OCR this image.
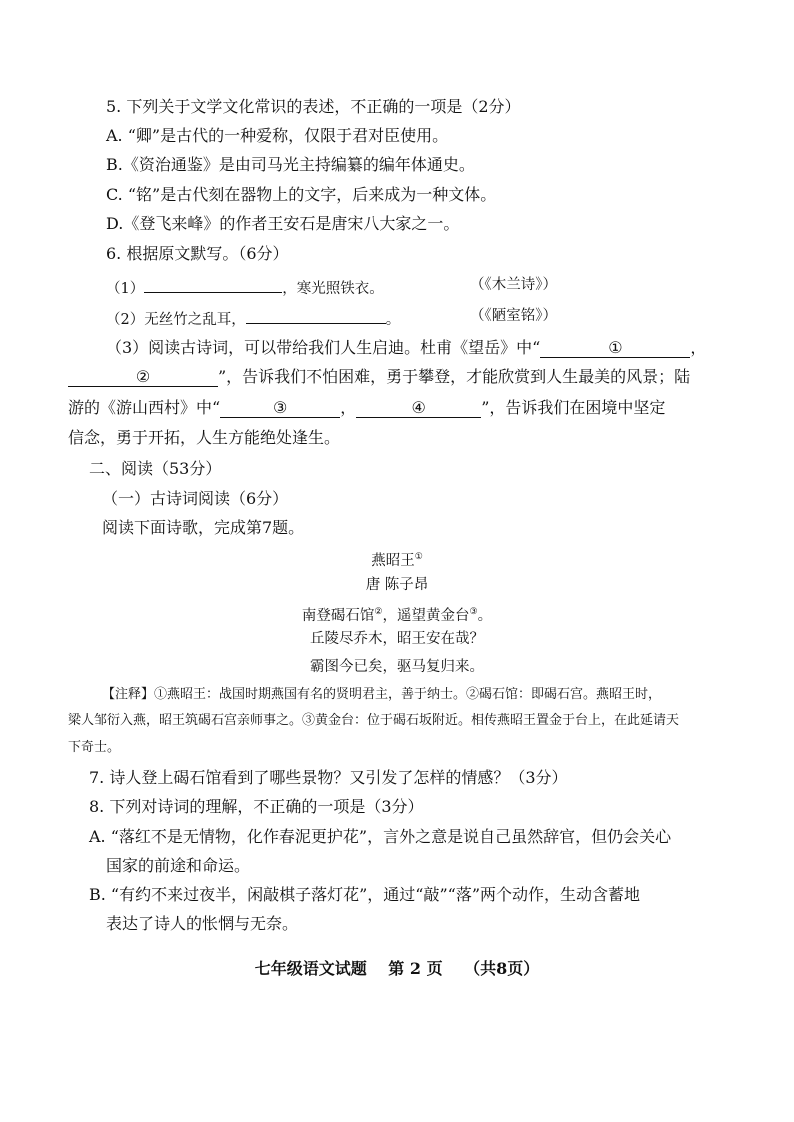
5. 下列关于文学文化常识的表述，不正确的一项是（2分）
A. “卿”是古代的一种爱称，仅限于君对臣使用。
B.《资治通鉴》是由司马光主持编纂的编年体通史。
C. “铭”是古代刻在器物上的文字，后来成为一种文体。
D.《登飞来峰》的作者王安石是唐宋八大家之一。
6. 根据原文默写。（6分）
（1）	，寒光照铁衣。	（《木兰诗》）
（2）无丝竹之乱耳，	。	（《陋室铭》）
（3）阅读古诗词，可以带给我们人生启迪。杜甫《望岳》中“	①	，
②	”，告诉我们不怕困难，勇于攀登，才能欣赏到人生最美的风景；陆
游的《游山西村》中“	③	，	④	”，告诉我们在困境中坚定
信念，勇于开拓，人生方能绝处逢生。
二、阅读（53分）
（一）古诗词阅读（6分）
阅读下面诗歌，完成第7题。
燕昭王①
唐 陈子昂
南登碣石馆②，遥望黄金台③。
丘陵尽乔木，昭王安在哉？
霸图今已矣，驱马复归来。
【注释】①燕昭王：战国时期燕国有名的贤明君主，善于纳士。②碣石馆：即碣石宫。燕昭王时，
梁人邹衍入燕，昭王筑碣石宫亲师事之。③黄金台：位于碣石坂附近。相传燕昭王置金于台上，在此延请天
下奇士。
7. 诗人登上碣石馆看到了哪些景物？又引发了怎样的情感？（3分）
8. 下列对诗词的理解，不正确的一项是（3分）
A. “落红不是无情物，化作春泥更护花”，言外之意是说自己虽然辞官，但仍会关心
国家的前途和命运。
B. “有约不来过夜半，闲敲棋子落灯花”，通过“敲”“落”两个动作，生动含蓄地
表达了诗人的怅惘与无奈。
七年级语文试题　 第 2 页　 （共8页）
